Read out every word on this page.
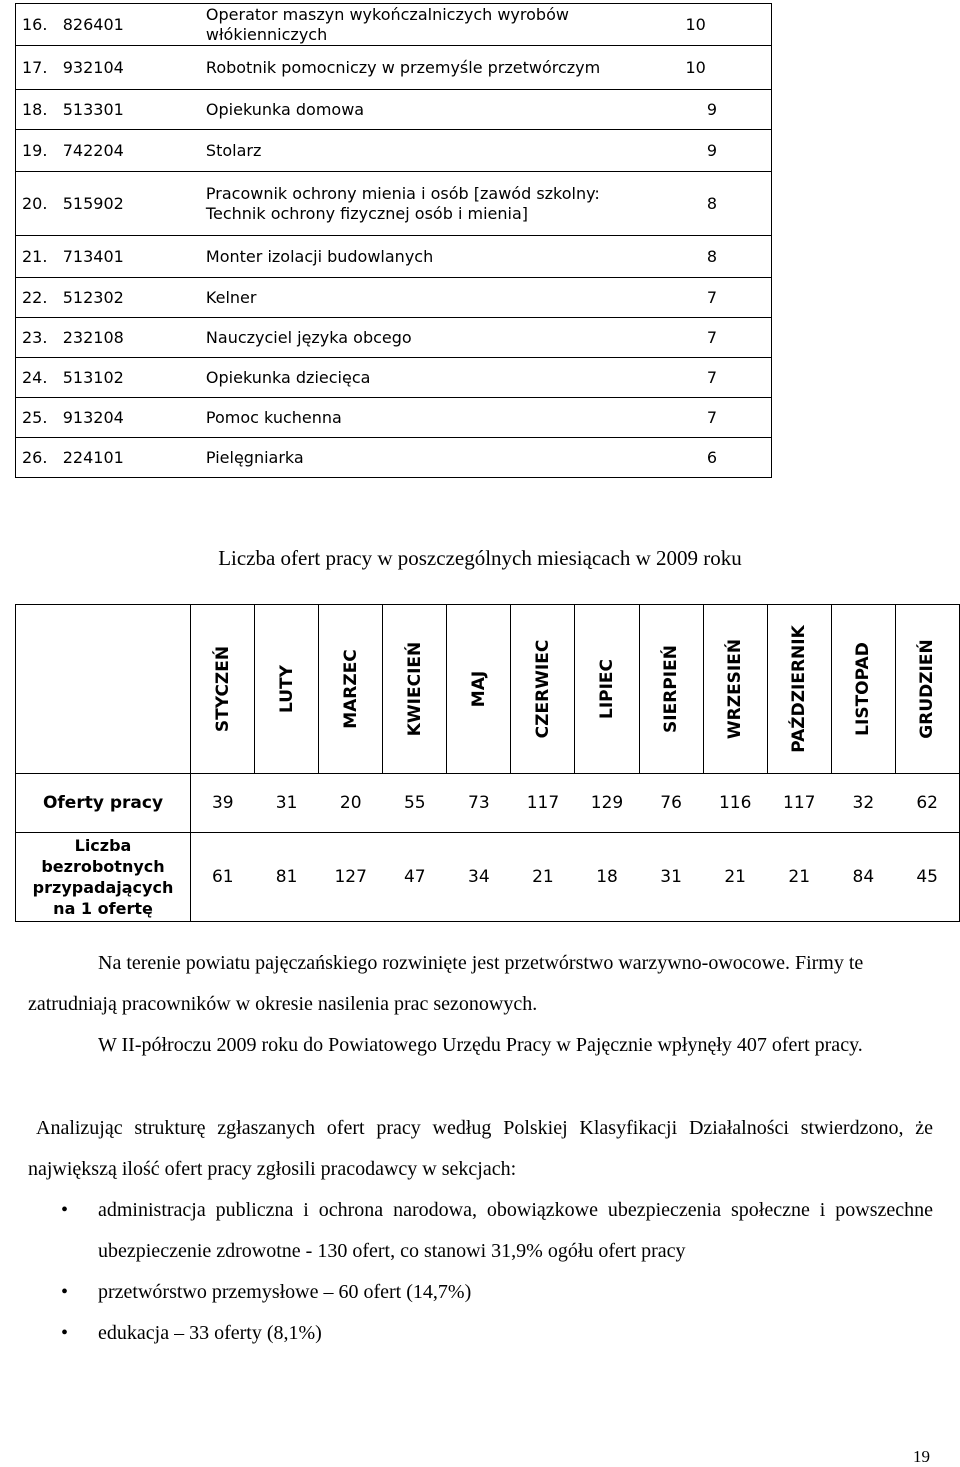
16. 826401	Operator maszyn wykończalniczych wyrobów włókienniczych	10
17. 932104	Robotnik pomocniczy w przemyśle przetwórczym	10
18. 513301	Opiekunka domowa	9
19. 742204	Stolarz	9
20. 515902	Pracownik ochrony mienia i osób [zawód szkolny: Technik ochrony fizycznej osób i mienia]	8
21. 713401	Monter izolacji budowlanych	8
22. 512302	Kelner	7
23. 232108	Nauczyciel języka obcego	7
24. 513102	Opiekunka dziecięca	7
25. 913204	Pomoc kuchenna	7
26. 224101	Pielęgniarka	6
Liczba ofert pracy w poszczególnych miesiącach w 2009 roku

	STYCZEŃ	LUTY	MARZEC	KWIECIEŃ	MAJ	CZERWIEC	LIPIEC	SIERPIEŃ	WRZESIEŃ	PAŹDZIERNIK	LISTOPAD	GRUDZIEŃ

Oferty pracy	39	31	20	55	73	117	129	76	116	117	32	62

Liczba
bezrobotnych
przypadających
na 1 ofertę	61	81	127	47	34	21	18	31	21	21	84	45

Na terenie powiatu pajęczańskiego rozwinięte jest przetwórstwo warzywno-owocowe. Firmy te zatrudniają pracowników w okresie nasilenia prac sezonowych.

W II-półroczu 2009 roku do Powiatowego Urzędu Pracy w Pajęcznie wpłynęły 407 ofert pracy.

Analizując strukturę zgłaszanych ofert pracy według Polskiej Klasyfikacji Działalności stwierdzono, że największą ilość ofert pracy zgłosili pracodawcy w sekcjach:

• administracja publiczna i ochrona narodowa, obowiązkowe ubezpieczenia społeczne i powszechne ubezpieczenie zdrowotne - 130 ofert, co stanowi 31,9% ogółu ofert pracy
• przetwórstwo przemysłowe – 60 ofert (14,7%)
• edukacja – 33 oferty (8,1%)
19
